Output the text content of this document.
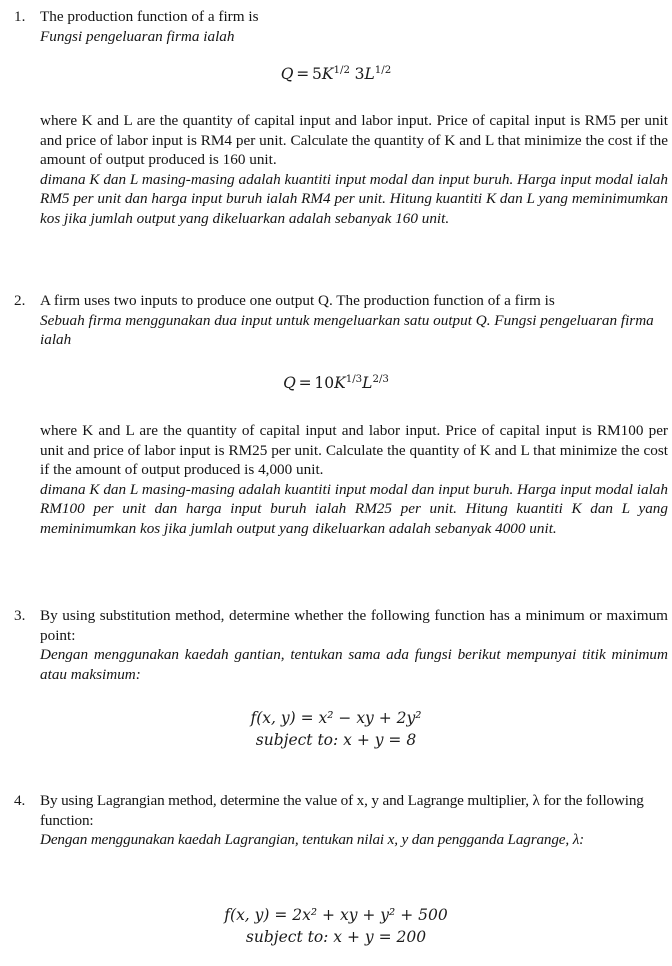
1. The production function of a firm is
Fungsi pengeluaran firma ialah
$Q = 5K^{1/2}$ $3L^{1/2}$
where K and L are the quantity of capital input and labor input. Price of capital input is RM5 per unit and price of labor input is RM4 per unit. Calculate the quantity of K and L that minimize the cost if the amount of output produced is 160 unit.
dimana K dan L masing-masing adalah kuantiti input modal dan input buruh. Harga input modal ialah RM5 per unit dan harga input buruh ialah RM4 per unit. Hitung kuantiti K dan L yang meminimumkan kos jika jumlah output yang dikeluarkan adalah sebanyak 160 unit.
2. A firm uses two inputs to produce one output Q. The production function of a firm is
Sebuah firma menggunakan dua input untuk mengeluarkan satu output Q. Fungsi pengeluaran firma ialah
$Q = 10K^{1/3}L^{2/3}$
where K and L are the quantity of capital input and labor input. Price of capital input is RM100 per unit and price of labor input is RM25 per unit. Calculate the quantity of K and L that minimize the cost if the amount of output produced is 4,000 unit.
dimana K dan L masing-masing adalah kuantiti input modal dan input buruh. Harga input modal ialah RM100 per unit dan harga input buruh ialah RM25 per unit. Hitung kuantiti K dan L yang meminimumkan kos jika jumlah output yang dikeluarkan adalah sebanyak 4000 unit.
3. By using substitution method, determine whether the following function has a minimum or maximum point:
Dengan menggunakan kaedah gantian, tentukan sama ada fungsi berikut mempunyai titik minimum atau maksimum:
f(x, y) = x² − xy + 2y²
subject to: x + y = 8
4. By using Lagrangian method, determine the value of x, y and Lagrange multiplier, λ for the following function:
Dengan menggunakan kaedah Lagrangian, tentukan nilai x, y dan pengganda Lagrange, λ:
f(x, y) = 2x² + xy + y² + 500
subject to: x + y = 200
